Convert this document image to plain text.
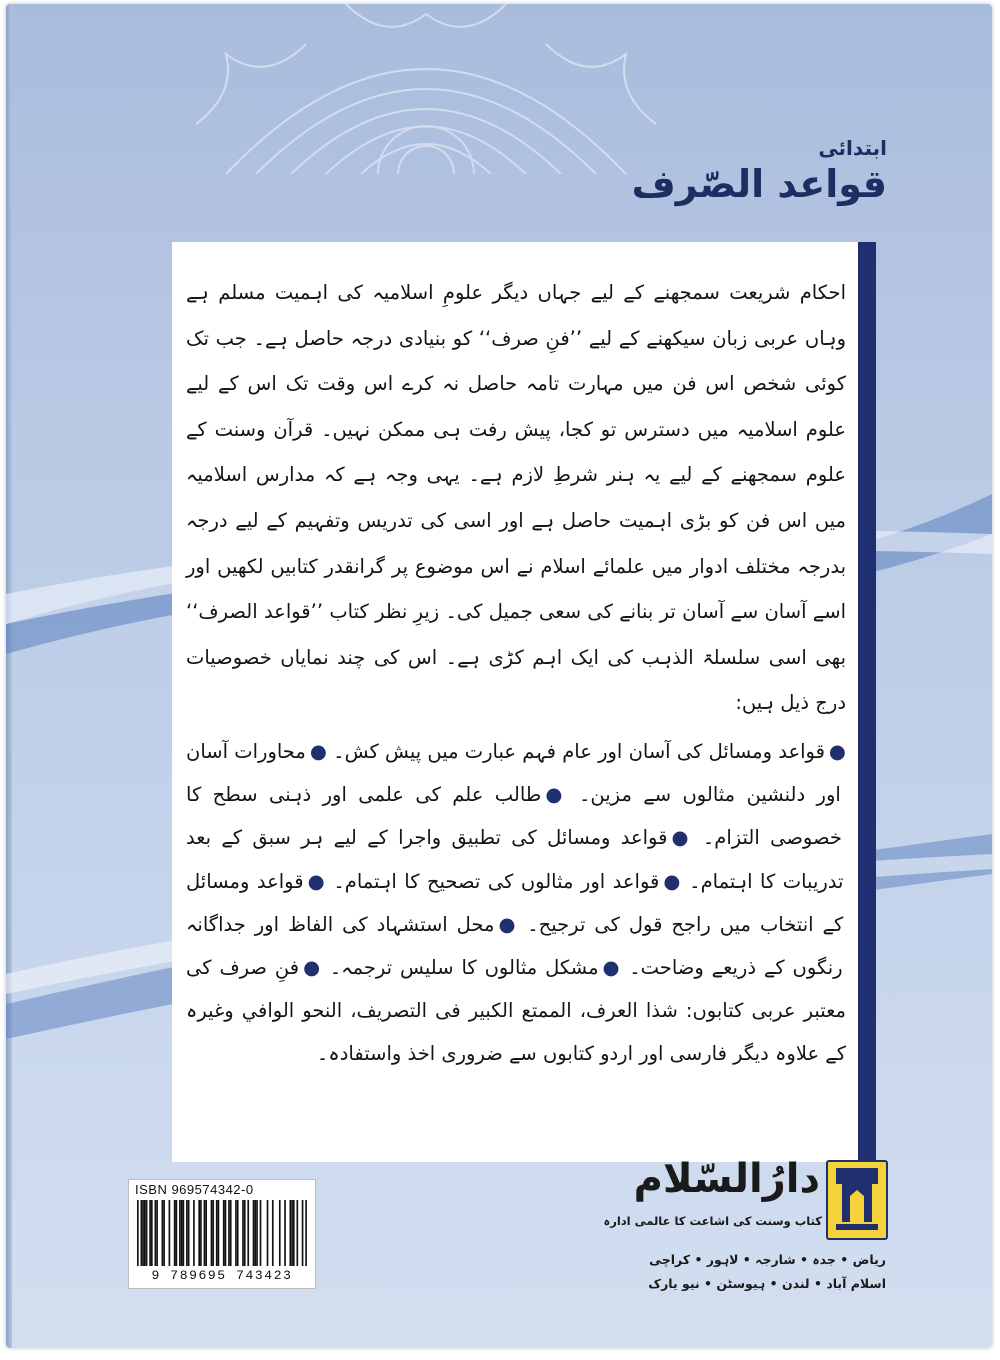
ابتدائی
قواعد الصّرف
احکام شریعت سمجھنے کے لیے جہاں دیگر علومِ اسلامیہ کی اہمیت مسلم ہے وہاں عربی زبان سیکھنے کے لیے ’’فنِ صرف‘‘ کو بنیادی درجہ حاصل ہے۔ جب تک کوئی شخص اس فن میں مہارت تامہ حاصل نہ کرے اس وقت تک اس کے لیے علوم اسلامیہ میں دسترس تو کجا، پیش رفت ہی ممکن نہیں۔ قرآن وسنت کے علوم سمجھنے کے لیے یہ ہنر شرطِ لازم ہے۔ یہی وجہ ہے کہ مدارس اسلامیہ میں اس فن کو بڑی اہمیت حاصل ہے اور اسی کی تدریس وتفہیم کے لیے درجہ بدرجہ مختلف ادوار میں علمائے اسلام نے اس موضوع پر گرانقدر کتابیں لکھیں اور اسے آسان سے آسان تر بنانے کی سعی جمیل کی۔ زیرِ نظر کتاب ’’قواعد الصرف‘‘ بھی اسی سلسلۃ الذہب کی ایک اہم کڑی ہے۔ اس کی چند نمایاں خصوصیات درج ذیل ہیں:
●قواعد ومسائل کی آسان اور عام فہم عبارت میں پیش کش۔ ●محاورات آسان اور دلنشین مثالوں سے مزین۔ ●طالب علم کی علمی اور ذہنی سطح کا خصوصی التزام۔ ●قواعد ومسائل کی تطبیق واجرا کے لیے ہر سبق کے بعد تدریبات کا اہتمام۔ ●قواعد اور مثالوں کی تصحیح کا اہتمام۔ ●قواعد ومسائل کے انتخاب میں راجح قول کی ترجیح۔ ●محل استشہاد کی الفاظ اور جداگانہ رنگوں کے ذریعے وضاحت۔ ●مشکل مثالوں کا سلیس ترجمہ۔ ●فنِ صرف کی معتبر عربی کتابوں: شذا العرف، الممتع الکبیر فی التصریف، النحو الوافي وغیرہ کے علاوہ دیگر فارسی اور اردو کتابوں سے ضروری اخذ واستفادہ۔
ISBN 969574342-0
9 789695 743423
دارُالسّلام
کتاب وسنت کی اشاعت کا عالمی ادارہ
ریاض • جدہ • شارجہ • لاہور • کراچی
اسلام آباد • لندن • ہیوسٹن • نیو یارک
